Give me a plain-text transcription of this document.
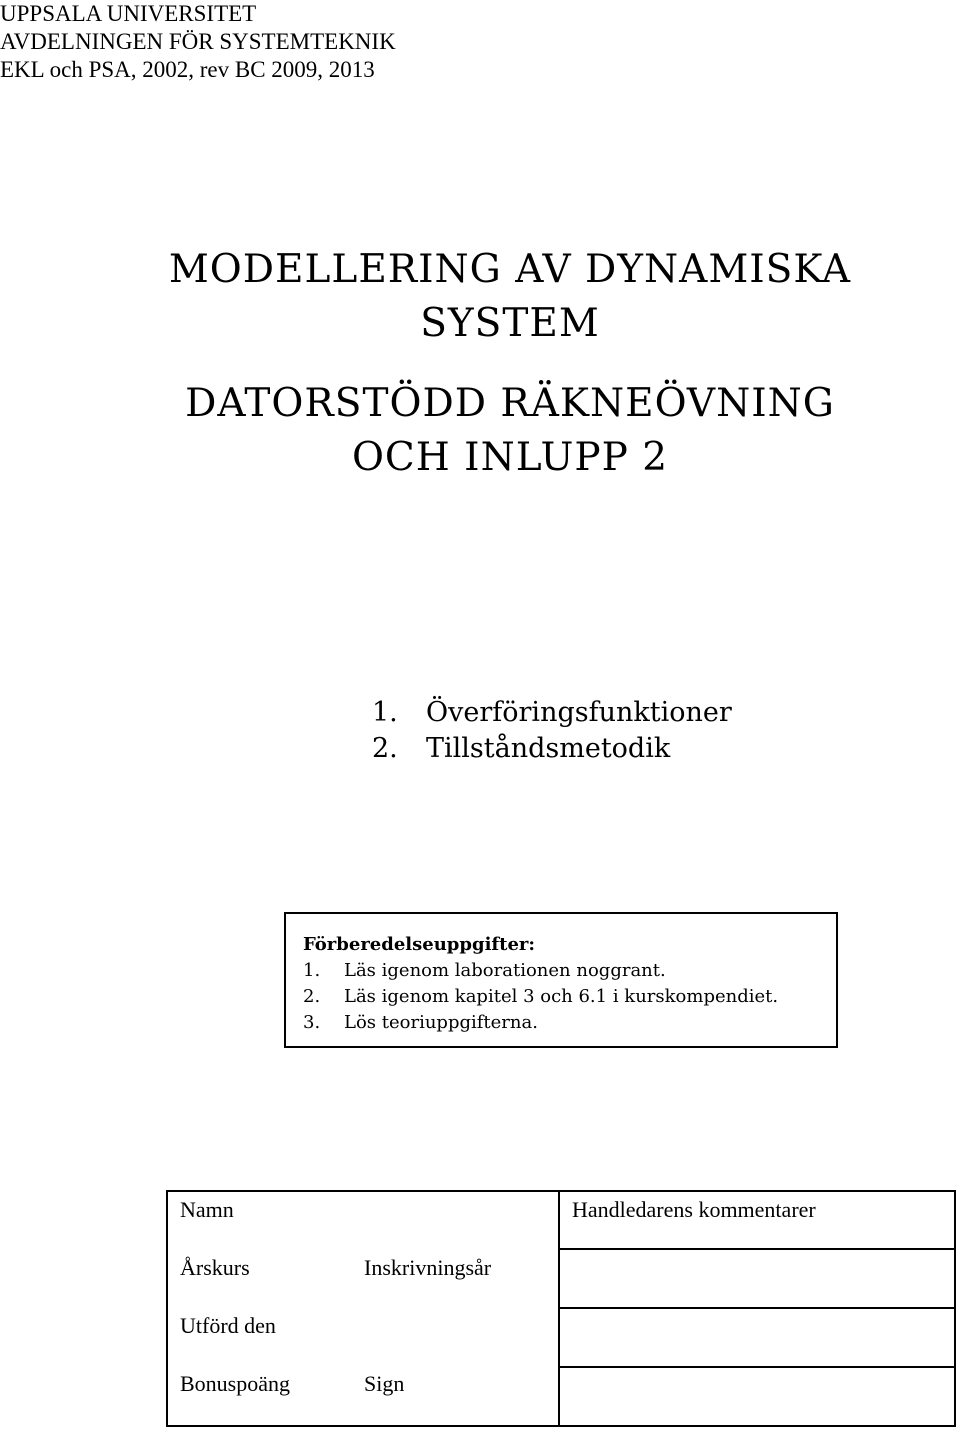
UPPSALA UNIVERSITET
AVDELNINGEN FÖR SYSTEMTEKNIK
EKL och PSA, 2002, rev BC 2009, 2013
MODELLERING AV DYNAMISKA
SYSTEM
DATORSTÖDD RÄKNEÖVNING
OCH INLUPP 2
1. Överföringsfunktioner
2. Tillståndsmetodik
Förberedelseuppgifter:
1. Läs igenom laborationen noggrant.
2. Läs igenom kapitel 3 och 6.1 i kurskompendiet.
3. Lös teoriuppgifterna.
Namn
Årskurs	Inskrivningsår
Utförd den
Bonuspoäng	Sign
Handledarens kommentarer
